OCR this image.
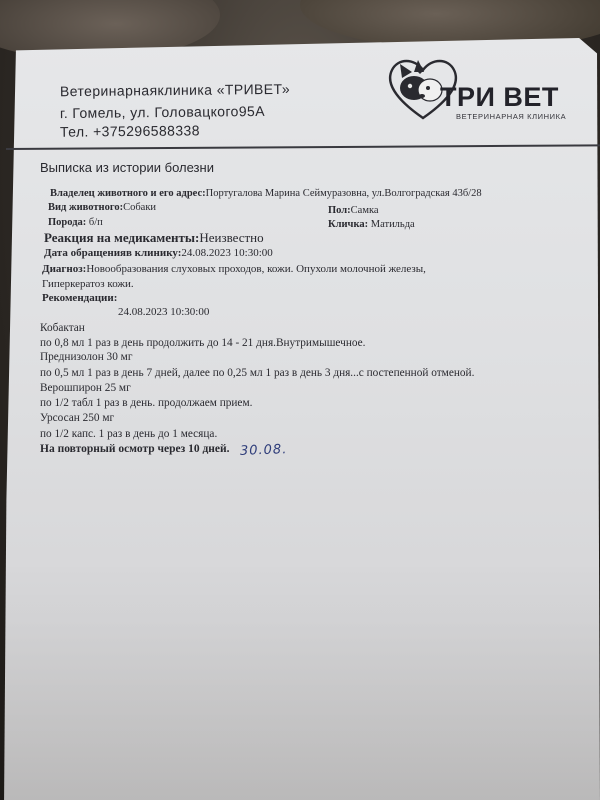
Ветеринарнаяклиника «ТРИВЕТ»
г. Гомель, ул. Головацкого95А
Тел. +375296588338
ТРИ ВЕТ
ВЕТЕРИНАРНАЯ КЛИНИКА
Выписка из истории болезни
Владелец животного и его адрес:Португалова Марина Сеймуразовна, ул.Волгоградская 43б/28
Вид животного:Собаки
Порода: б/п
Пол:Самка
Кличка: Матильда
Реакция на медикаменты:Неизвестно
Дата обращенияв клинику:24.08.2023 10:30:00
Диагноз:Новообразования слуховых проходов, кожи. Опухоли молочной железы,
Гиперкератоз кожи.
Рекомендации:
24.08.2023 10:30:00
Кобактан
по 0,8 мл 1 раз в день продолжить до 14 - 21 дня.Внутримышечное.
Преднизолон 30 мг
по 0,5 мл 1 раз в день 7 дней, далее по 0,25 мл 1 раз в день 3 дня...с постепенной отменой.
Верошпирон 25 мг
по 1/2 табл 1 раз в день. продолжаем прием.
Урсосан 250 мг
по 1/2 капс. 1 раз в день до 1 месяца.
На повторный осмотр через 10 дней. 30.08.
